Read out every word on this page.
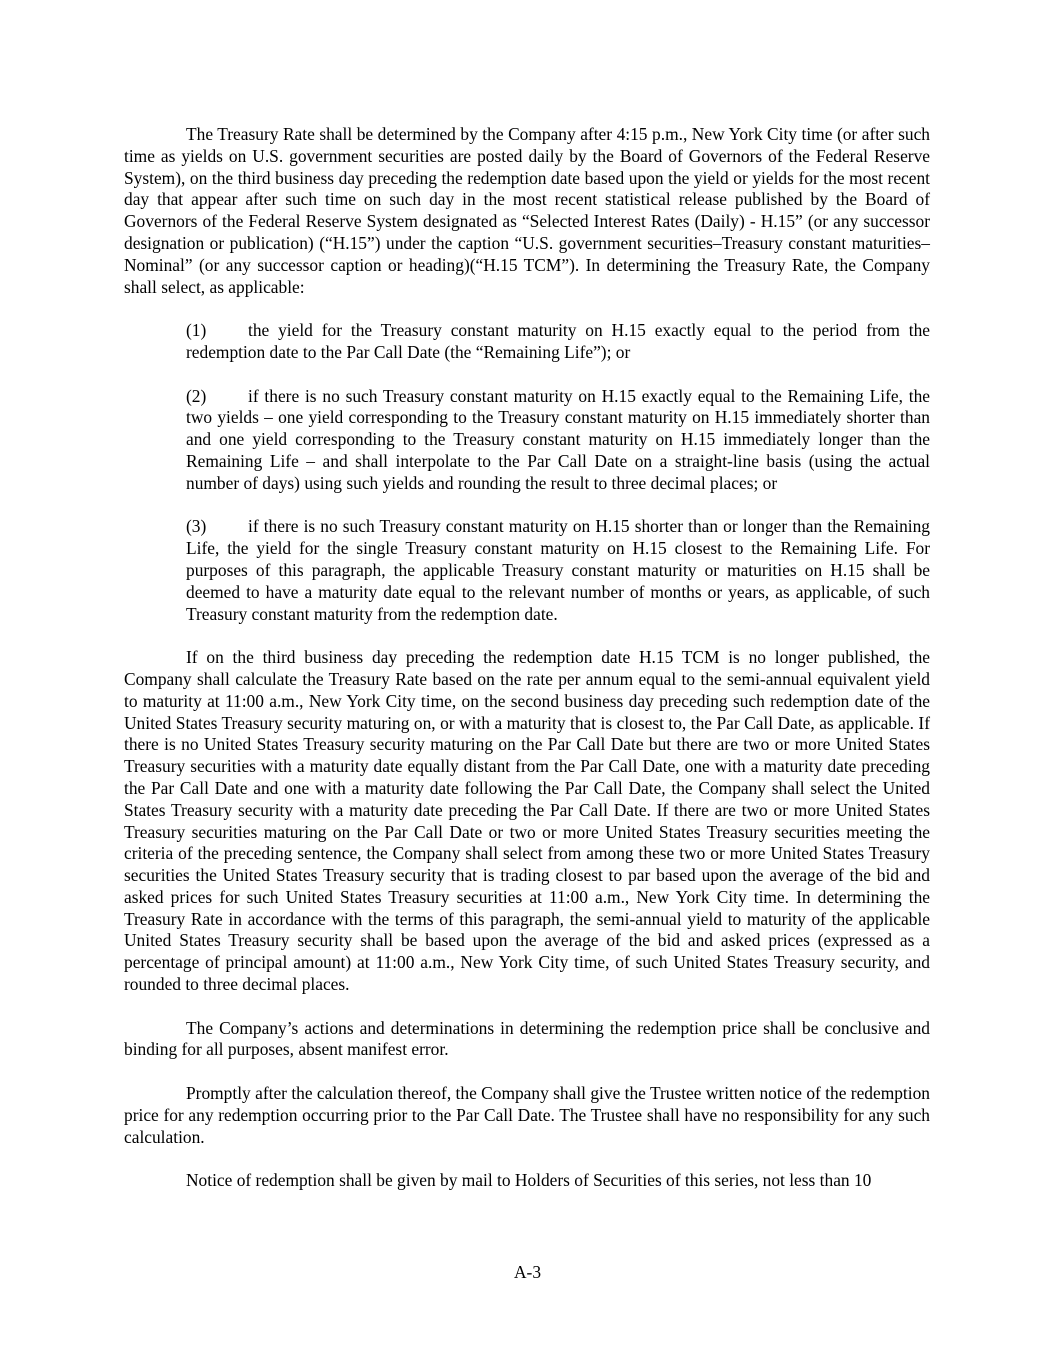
The Treasury Rate shall be determined by the Company after 4:15 p.m., New York City time (or after such time as yields on U.S. government securities are posted daily by the Board of Governors of the Federal Reserve System), on the third business day preceding the redemption date based upon the yield or yields for the most recent day that appear after such time on such day in the most recent statistical release published by the Board of Governors of the Federal Reserve System designated as “Selected Interest Rates (Daily) - H.15” (or any successor designation or publication) (“H.15”) under the caption “U.S. government securities–Treasury constant maturities–Nominal” (or any successor caption or heading)(“H.15 TCM”). In determining the Treasury Rate, the Company shall select, as applicable:

(1) the yield for the Treasury constant maturity on H.15 exactly equal to the period from the redemption date to the Par Call Date (the “Remaining Life”); or

(2) if there is no such Treasury constant maturity on H.15 exactly equal to the Remaining Life, the two yields – one yield corresponding to the Treasury constant maturity on H.15 immediately shorter than and one yield corresponding to the Treasury constant maturity on H.15 immediately longer than the Remaining Life – and shall interpolate to the Par Call Date on a straight-line basis (using the actual number of days) using such yields and rounding the result to three decimal places; or

(3) if there is no such Treasury constant maturity on H.15 shorter than or longer than the Remaining Life, the yield for the single Treasury constant maturity on H.15 closest to the Remaining Life. For purposes of this paragraph, the applicable Treasury constant maturity or maturities on H.15 shall be deemed to have a maturity date equal to the relevant number of months or years, as applicable, of such Treasury constant maturity from the redemption date.

If on the third business day preceding the redemption date H.15 TCM is no longer published, the Company shall calculate the Treasury Rate based on the rate per annum equal to the semi-annual equivalent yield to maturity at 11:00 a.m., New York City time, on the second business day preceding such redemption date of the United States Treasury security maturing on, or with a maturity that is closest to, the Par Call Date, as applicable. If there is no United States Treasury security maturing on the Par Call Date but there are two or more United States Treasury securities with a maturity date equally distant from the Par Call Date, one with a maturity date preceding the Par Call Date and one with a maturity date following the Par Call Date, the Company shall select the United States Treasury security with a maturity date preceding the Par Call Date. If there are two or more United States Treasury securities maturing on the Par Call Date or two or more United States Treasury securities meeting the criteria of the preceding sentence, the Company shall select from among these two or more United States Treasury securities the United States Treasury security that is trading closest to par based upon the average of the bid and asked prices for such United States Treasury securities at 11:00 a.m., New York City time. In determining the Treasury Rate in accordance with the terms of this paragraph, the semi-annual yield to maturity of the applicable United States Treasury security shall be based upon the average of the bid and asked prices (expressed as a percentage of principal amount) at 11:00 a.m., New York City time, of such United States Treasury security, and rounded to three decimal places.

The Company’s actions and determinations in determining the redemption price shall be conclusive and binding for all purposes, absent manifest error.

Promptly after the calculation thereof, the Company shall give the Trustee written notice of the redemption price for any redemption occurring prior to the Par Call Date. The Trustee shall have no responsibility for any such calculation.

Notice of redemption shall be given by mail to Holders of Securities of this series, not less than 10

A-3
